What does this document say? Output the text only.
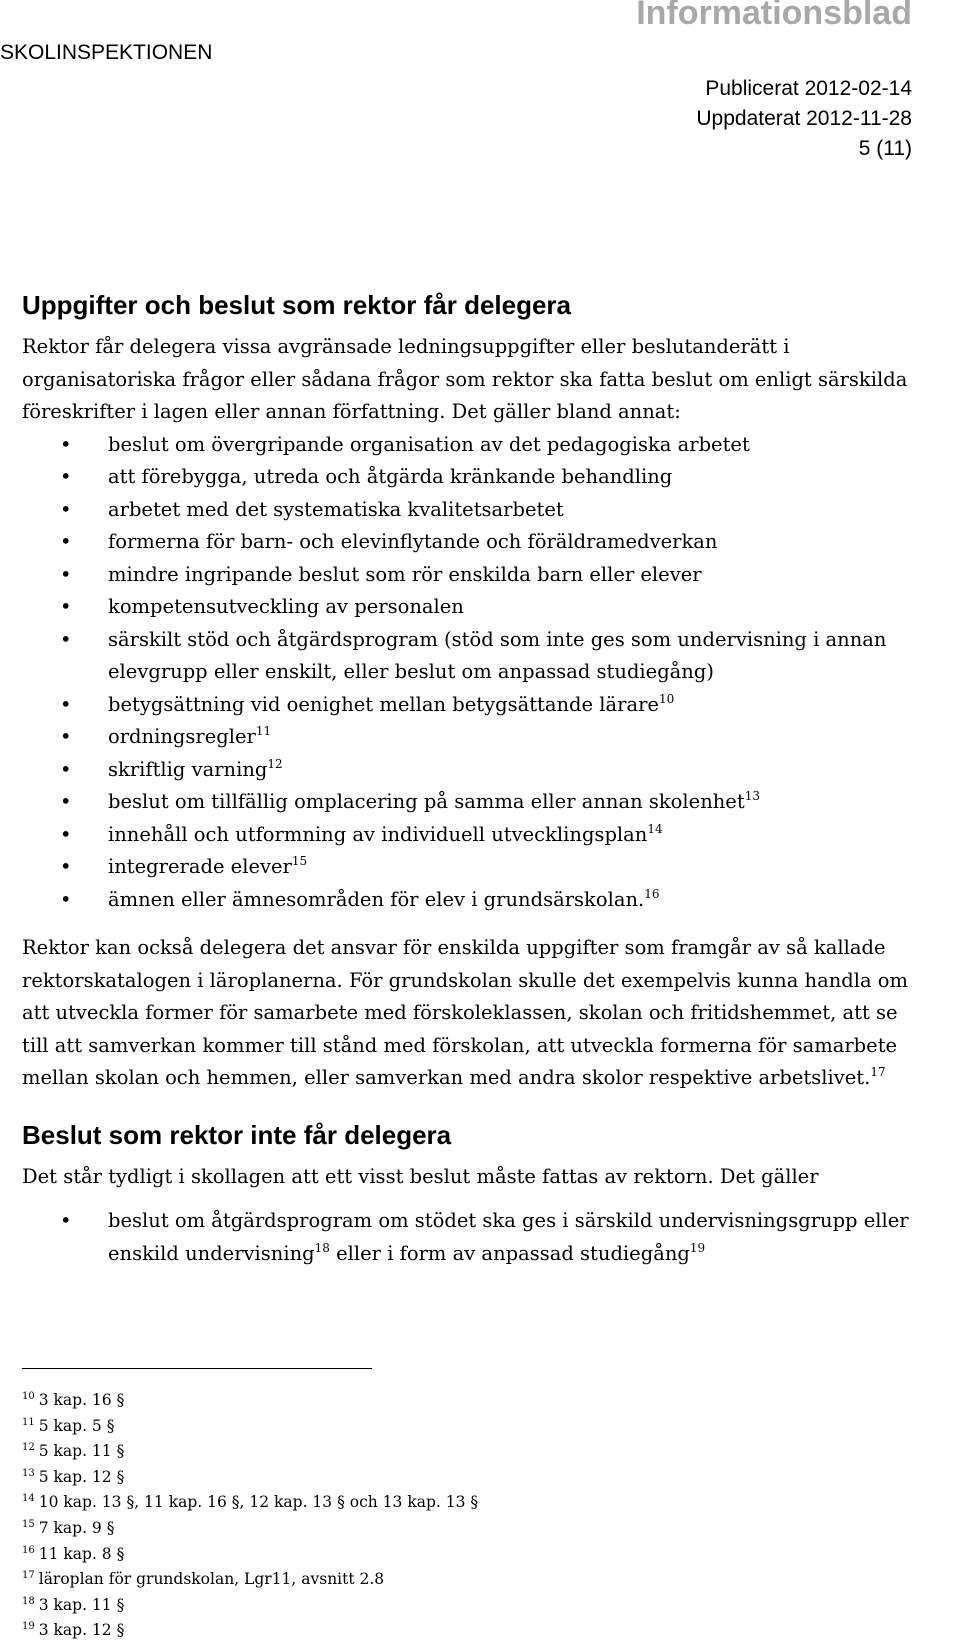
SKOLINSPEKTIONEN
Informationsblad
Publicerat 2012-02-14
Uppdaterat 2012-11-28
5 (11)
Uppgifter och beslut som rektor får delegera

Rektor får delegera vissa avgränsade ledningsuppgifter eller beslutanderätt i organisatoriska frågor eller sådana frågor som rektor ska fatta beslut om enligt särskilda föreskrifter i lagen eller annan författning. Det gäller bland annat:

• beslut om övergripande organisation av det pedagogiska arbetet
• att förebygga, utreda och åtgärda kränkande behandling
• arbetet med det systematiska kvalitetsarbetet
• formerna för barn- och elevinflytande och föräldramedverkan
• mindre ingripande beslut som rör enskilda barn eller elever
• kompetensutveckling av personalen
• särskilt stöd och åtgärdsprogram (stöd som inte ges som undervisning i annan elevgrupp eller enskilt, eller beslut om anpassad studiegång)
• betygsättning vid oenighet mellan betygsättande lärare$^{10}$
• ordningsregler$^{11}$
• skriftlig varning$^{12}$
• beslut om tillfällig omplacering på samma eller annan skolenhet$^{13}$
• innehåll och utformning av individuell utvecklingsplan$^{14}$
• integrerade elever$^{15}$
• ämnen eller ämnesområden för elev i grundsärskolan.$^{16}$

Rektor kan också delegera det ansvar för enskilda uppgifter som framgår av så kallade rektorskatalogen i läroplanerna. För grundskolan skulle det exempelvis kunna handla om att utveckla former för samarbete med förskoleklassen, skolan och fritidshemmet, att se till att samverkan kommer till stånd med förskolan, att utveckla formerna för samarbete mellan skolan och hemmen, eller samverkan med andra skolor respektive arbetslivet.$^{17}$

Beslut som rektor inte får delegera

Det står tydligt i skollagen att ett visst beslut måste fattas av rektorn. Det gäller

• beslut om åtgärdsprogram om stödet ska ges i särskild undervisningsgrupp eller enskild undervisning$^{18}$ eller i form av anpassad studiegång$^{19}$
$^{10}$ 3 kap. 16 §
$^{11}$ 5 kap. 5 §
$^{12}$ 5 kap. 11 §
$^{13}$ 5 kap. 12 §
$^{14}$ 10 kap. 13 §, 11 kap. 16 §, 12 kap. 13 § och 13 kap. 13 §
$^{15}$ 7 kap. 9 §
$^{16}$ 11 kap. 8 §
$^{17}$ läroplan för grundskolan, Lgr11, avsnitt 2.8
$^{18}$ 3 kap. 11 §
$^{19}$ 3 kap. 12 §
